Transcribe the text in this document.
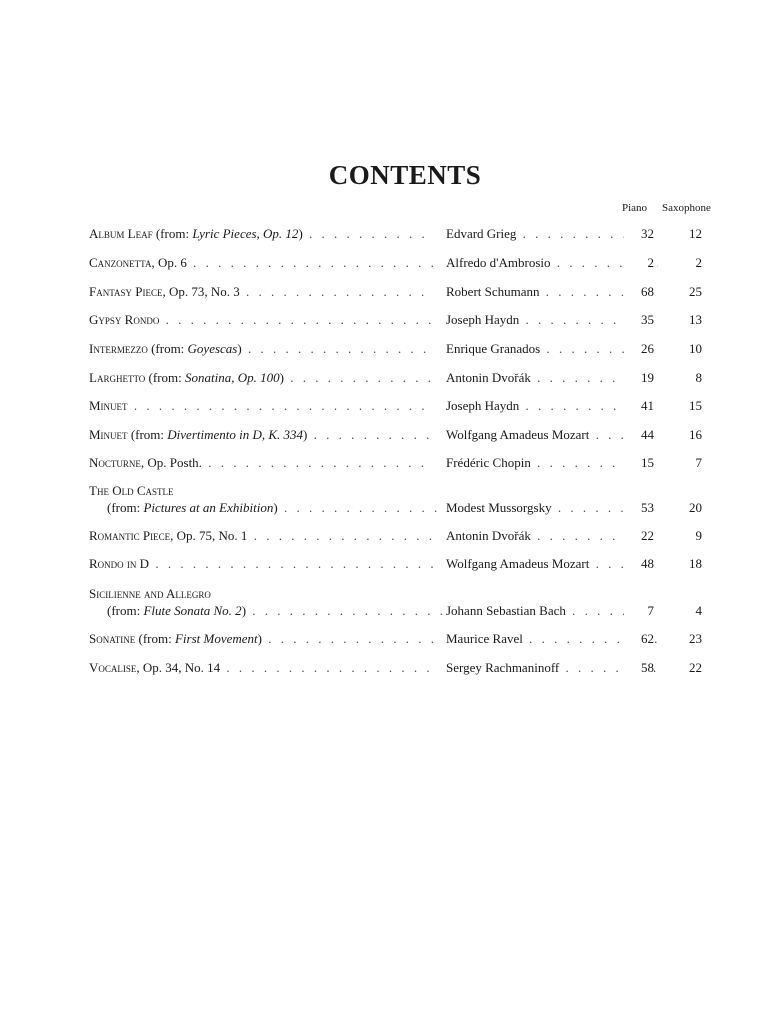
CONTENTS
Piano Saxophone
Album Leaf (from: Lyric Pieces, Op. 12) . . .	Edvard Grieg . . .	32	12
Canzonetta, Op. 6 . . .	Alfredo d'Ambrosio . . .	2	2
Fantasy Piece, Op. 73, No. 3 . . .	Robert Schumann . . .	68	25
Gypsy Rondo . . .	Joseph Haydn . . .	35	13
Intermezzo (from: Goyescas) . . .	Enrique Granados . . .	26	10
Larghetto (from: Sonatina, Op. 100) . . .	Antonin Dvořák . . .	19	8
Minuet . . .	Joseph Haydn . . .	41	15
Minuet (from: Divertimento in D, K. 334) . . .	Wolfgang Amadeus Mozart . . .	44	16
Nocturne, Op. Posth. . . .	Frédéric Chopin . . .	15	7
The Old Castle
(from: Pictures at an Exhibition) . . .	Modest Mussorgsky . . .	53	20
Romantic Piece, Op. 75, No. 1 . . .	Antonin Dvořák . . .	22	9
Rondo in D . . .	Wolfgang Amadeus Mozart . . .	48	18
Sicilienne and Allegro
(from: Flute Sonata No. 2) . . .	Johann Sebastian Bach . . .	7	4
Sonatine (from: First Movement) . . .	Maurice Ravel . . .	62	23
Vocalise, Op. 34, No. 14 . . .	Sergey Rachmaninoff . . .	58	22
